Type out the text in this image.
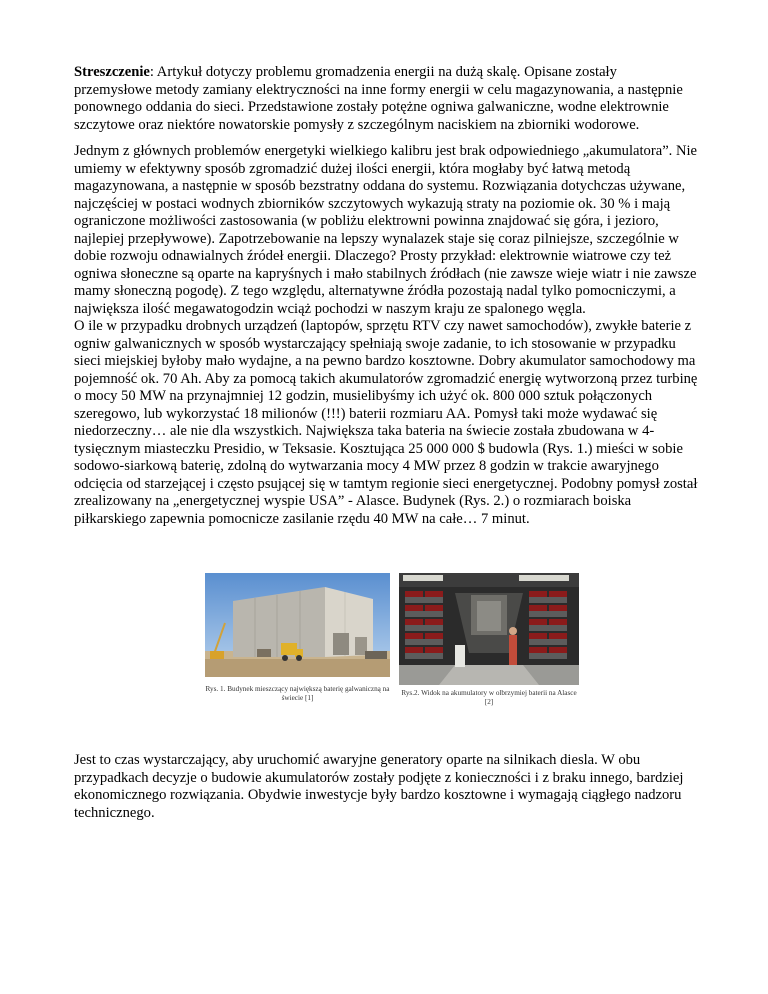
Streszczenie: Artykuł dotyczy problemu gromadzenia energii na dużą skalę. Opisane zostały przemysłowe metody zamiany elektryczności na inne formy energii w celu magazynowania, a następnie ponownego oddania do sieci. Przedstawione zostały potężne ogniwa galwaniczne, wodne elektrownie szczytowe oraz niektóre nowatorskie pomysły z szczególnym naciskiem na zbiorniki wodorowe.

Jednym z głównych problemów energetyki wielkiego kalibru jest brak odpowiedniego „akumulatora”. Nie umiemy w efektywny sposób zgromadzić dużej ilości energii, która mogłaby być łatwą metodą magazynowana, a następnie w sposób bezstratny oddana do systemu. Rozwiązania dotychczas używane, najczęściej w postaci wodnych zbiorników szczytowych wykazują straty na poziomie ok. 30 % i mają ograniczone możliwości zastosowania (w pobliżu elektrowni powinna znajdować się góra, i jezioro, najlepiej przepływowe). Zapotrzebowanie na lepszy wynalazek staje się coraz pilniejsze, szczególnie w dobie rozwoju odnawialnych źródeł energii. Dlaczego? Prosty przykład: elektrownie wiatrowe czy też ogniwa słoneczne są oparte na kapryśnych i mało stabilnych źródłach (nie zawsze wieje wiatr i nie zawsze mamy słoneczną pogodę). Z tego względu, alternatywne źródła pozostają nadal tylko pomocniczymi, a największa ilość megawatogodzin wciąż pochodzi w naszym kraju ze spalonego węgla.

O ile w przypadku drobnych urządzeń (laptopów, sprzętu RTV czy nawet samochodów), zwykłe baterie z ogniw galwanicznych w sposób wystarczający spełniają swoje zadanie, to ich stosowanie w przypadku sieci miejskiej byłoby mało wydajne, a na pewno bardzo kosztowne. Dobry akumulator samochodowy ma pojemność ok. 70 Ah. Aby za pomocą takich akumulatorów zgromadzić energię wytworzoną przez turbinę o mocy 50 MW na przynajmniej 12 godzin, musielibyśmy ich użyć ok. 800 000 sztuk połączonych szeregowo, lub wykorzystać 18 milionów (!!!) baterii rozmiaru AA. Pomysł taki może wydawać się niedorzeczny… ale nie dla wszystkich. Największa taka bateria na świecie została zbudowana w 4-tysięcznym miasteczku Presidio, w Teksasie. Kosztująca 25 000 000 $ budowla (Rys. 1.) mieści w sobie sodowo-siarkową baterię, zdolną do wytwarzania mocy 4 MW przez 8 godzin w trakcie awaryjnego odcięcia od starzejącej i często psującej się w tamtym regionie sieci energetycznej. Podobny pomysł został zrealizowany na „energetycznej wyspie USA” - Alasce. Budynek (Rys. 2.) o rozmiarach boiska piłkarskiego zapewnia pomocnicze zasilanie rzędu 40 MW na całe… 7 minut.

Rys. 1. Budynek mieszczący największą baterię galwaniczną na świecie [1]
Rys.2. Widok na akumulatory w olbrzymiej baterii na Alasce [2]

Jest to czas wystarczający, aby uruchomić awaryjne generatory oparte na silnikach diesla. W obu przypadkach decyzje o budowie akumulatorów zostały podjęte z konieczności i z braku innego, bardziej ekonomicznego rozwiązania. Obydwie inwestycje były bardzo kosztowne i wymagają ciągłego nadzoru technicznego.
